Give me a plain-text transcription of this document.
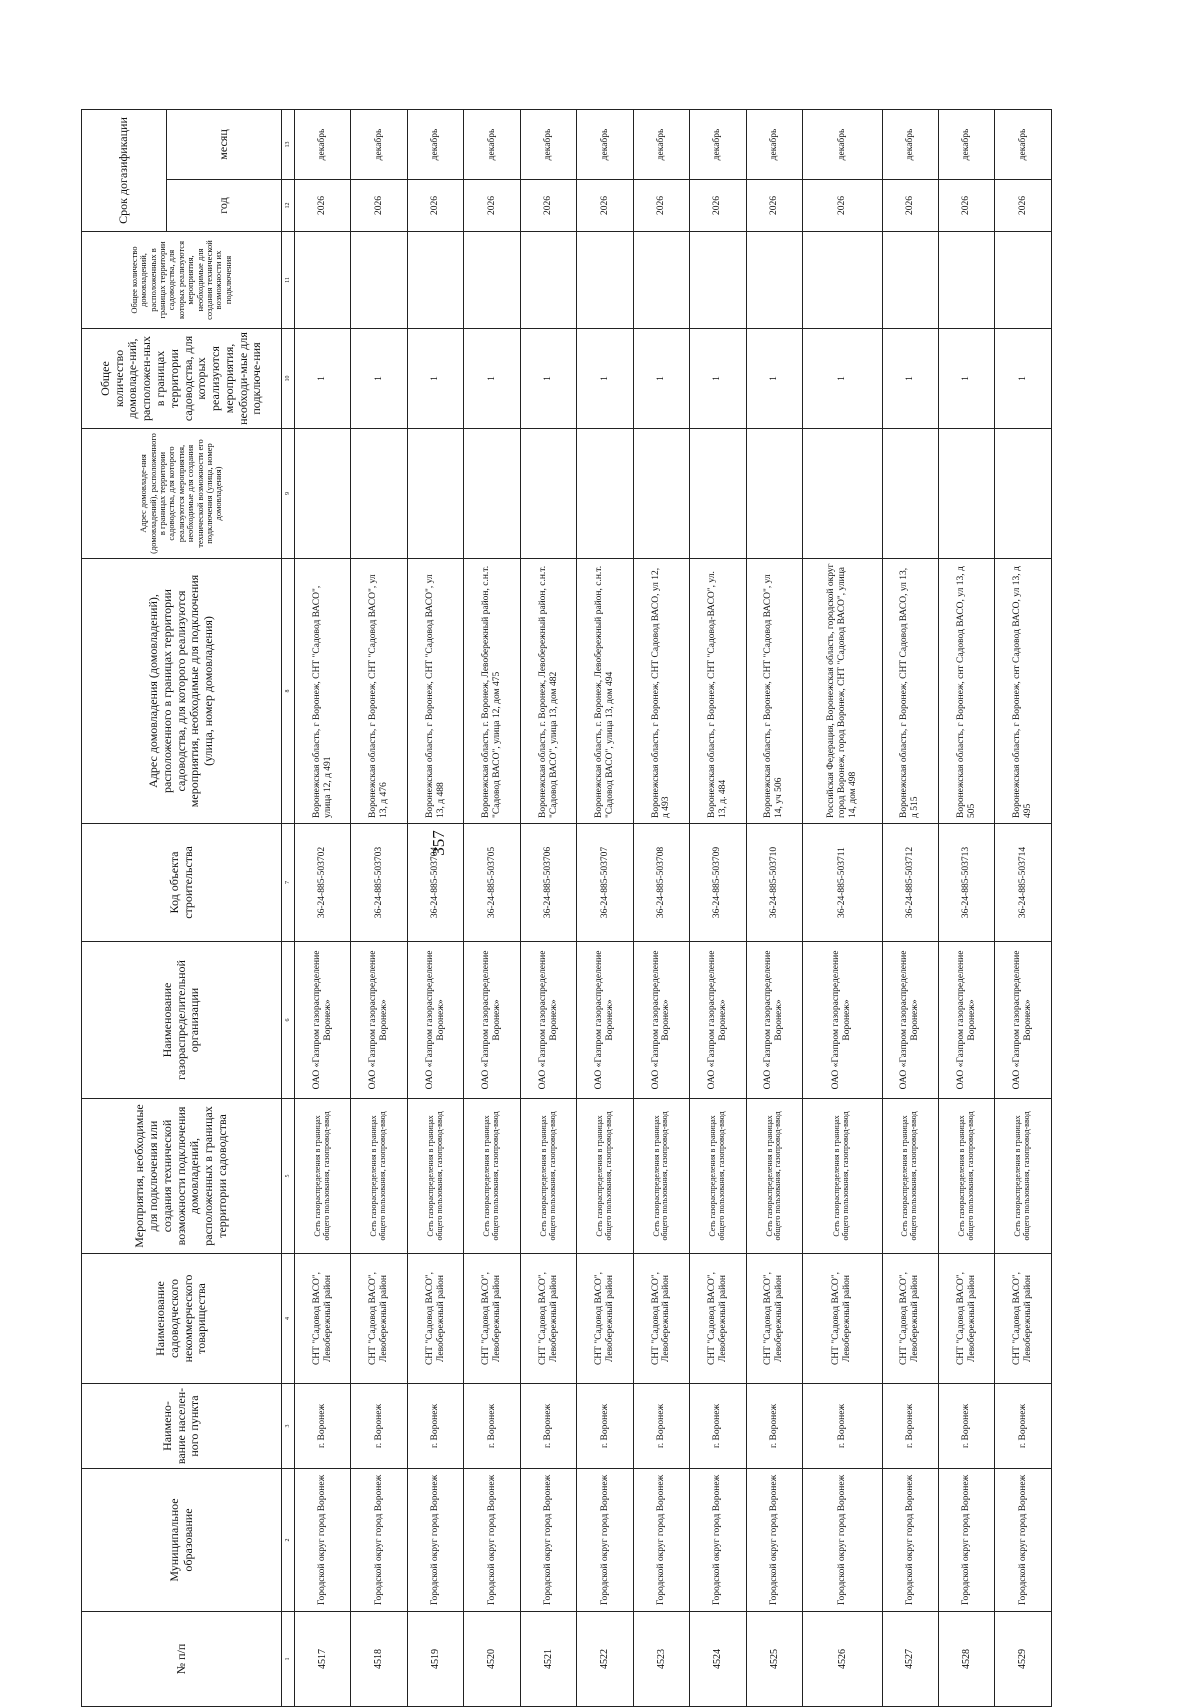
357
№ п/п	Муниципальное образование	Наимено-вание населен-ного пункта	Наименование садоводческого некоммерческого товарищества	Мероприятия, необходимые для подключения или создания технической возможности подключения домовладений, расположенных в границах территории садоводства	Наименование газораспределительной организации	Код объекта строительства	Адрес домовладения (домовладений), расположенного в границах территории садоводства, для которого реализуются мероприятия, необходимые для подключения (улица, номер домовладения)	Адрес домовладе-ния (домовладений), расположенного в границах территории садоводства, для которого реализуются мероприятия, необходимые для создания технической возможности его подключения (улица, номер домовладения)	Общее количество домовладе-ний, расположен-ных в границах территории садоводства, для которых реализуются мероприятия, необходи-мые для подключе-ния	Общее количество домовладений, расположенных в границах территории садоводства, для которых реализуются мероприятия, необходимые для создания технической возможности их подключения	Срок догазификации	
											год	месяц
1	2	3	4	5	6	7	8	9	10	11	12	13
4517	Городской округ город Воронеж	г. Воронеж	СНТ "Садовод ВАСО", Левобережный район	Сеть газораспределения в границах общего пользования, газопровод-ввод	ОАО «Газпром газораспределение Воронеж»	36-24-885-503702	Воронежская область, г Воронеж, СНТ "Садовод ВАСО", улица 12, д 491		1		2026	декабрь
4518	Городской округ город Воронеж	г. Воронеж	СНТ "Садовод ВАСО", Левобережный район	Сеть газораспределения в границах общего пользования, газопровод-ввод	ОАО «Газпром газораспределение Воронеж»	36-24-885-503703	Воронежская область, г Воронеж, СНТ "Садовод ВАСО", ул 13, д 476		1		2026	декабрь
4519	Городской округ город Воронеж	г. Воронеж	СНТ "Садовод ВАСО", Левобережный район	Сеть газораспределения в границах общего пользования, газопровод-ввод	ОАО «Газпром газораспределение Воронеж»	36-24-885-503704	Воронежская область, г Воронеж, СНТ "Садовод ВАСО", ул 13, д 488		1		2026	декабрь
4520	Городской округ город Воронеж	г. Воронеж	СНТ "Садовод ВАСО", Левобережный район	Сеть газораспределения в границах общего пользования, газопровод-ввод	ОАО «Газпром газораспределение Воронеж»	36-24-885-503705	Воронежская область, г. Воронеж, Левобережный район, с.н.т. "Садовод ВАСО", улица 12, дом 475		1		2026	декабрь
4521	Городской округ город Воронеж	г. Воронеж	СНТ "Садовод ВАСО", Левобережный район	Сеть газораспределения в границах общего пользования, газопровод-ввод	ОАО «Газпром газораспределение Воронеж»	36-24-885-503706	Воронежская область, г. Воронеж, Левобережный район, с.н.т. "Садовод ВАСО", улица 13, дом 482		1		2026	декабрь
4522	Городской округ город Воронеж	г. Воронеж	СНТ "Садовод ВАСО", Левобережный район	Сеть газораспределения в границах общего пользования, газопровод-ввод	ОАО «Газпром газораспределение Воронеж»	36-24-885-503707	Воронежская область, г. Воронеж, Левобережный район, с.н.т. "Садовод ВАСО", улица 13, дом 494		1		2026	декабрь
4523	Городской округ город Воронеж	г. Воронеж	СНТ "Садовод ВАСО", Левобережный район	Сеть газораспределения в границах общего пользования, газопровод-ввод	ОАО «Газпром газораспределение Воронеж»	36-24-885-503708	Воронежская область, г Воронеж, СНТ Садовод ВАСО, ул 12, д 493		1		2026	декабрь
4524	Городской округ город Воронеж	г. Воронеж	СНТ "Садовод ВАСО", Левобережный район	Сеть газораспределения в границах общего пользования, газопровод-ввод	ОАО «Газпром газораспределение Воронеж»	36-24-885-503709	Воронежская область, г Воронеж, СНТ "Садовод-ВАСО", ул. 13, д. 484		1		2026	декабрь
4525	Городской округ город Воронеж	г. Воронеж	СНТ "Садовод ВАСО", Левобережный район	Сеть газораспределения в границах общего пользования, газопровод-ввод	ОАО «Газпром газораспределение Воронеж»	36-24-885-503710	Воронежская область, г Воронеж, СНТ "Садовод ВАСО", ул 14, уч 506		1		2026	декабрь
4526	Городской округ город Воронеж	г. Воронеж	СНТ "Садовод ВАСО", Левобережный район	Сеть газораспределения в границах общего пользования, газопровод-ввод	ОАО «Газпром газораспределение Воронеж»	36-24-885-503711	Российская Федерация, Воронежская область, городской округ город Воронеж, город Воронеж, СНТ "Садовод ВАСО", улица 14, дом 498		1		2026	декабрь
4527	Городской округ город Воронеж	г. Воронеж	СНТ "Садовод ВАСО", Левобережный район	Сеть газораспределения в границах общего пользования, газопровод-ввод	ОАО «Газпром газораспределение Воронеж»	36-24-885-503712	Воронежская область, г Воронеж, СНТ Садовод ВАСО, ул 13, д 515		1		2026	декабрь
4528	Городской округ город Воронеж	г. Воронеж	СНТ "Садовод ВАСО", Левобережный район	Сеть газораспределения в границах общего пользования, газопровод-ввод	ОАО «Газпром газораспределение Воронеж»	36-24-885-503713	Воронежская область, г Воронеж, снт Садовод ВАСО, ул 13, д 505		1		2026	декабрь
4529	Городской округ город Воронеж	г. Воронеж	СНТ "Садовод ВАСО", Левобережный район	Сеть газораспределения в границах общего пользования, газопровод-ввод	ОАО «Газпром газораспределение Воронеж»	36-24-885-503714	Воронежская область, г Воронеж, снт Садовод ВАСО, ул 13, д 495		1		2026	декабрь
